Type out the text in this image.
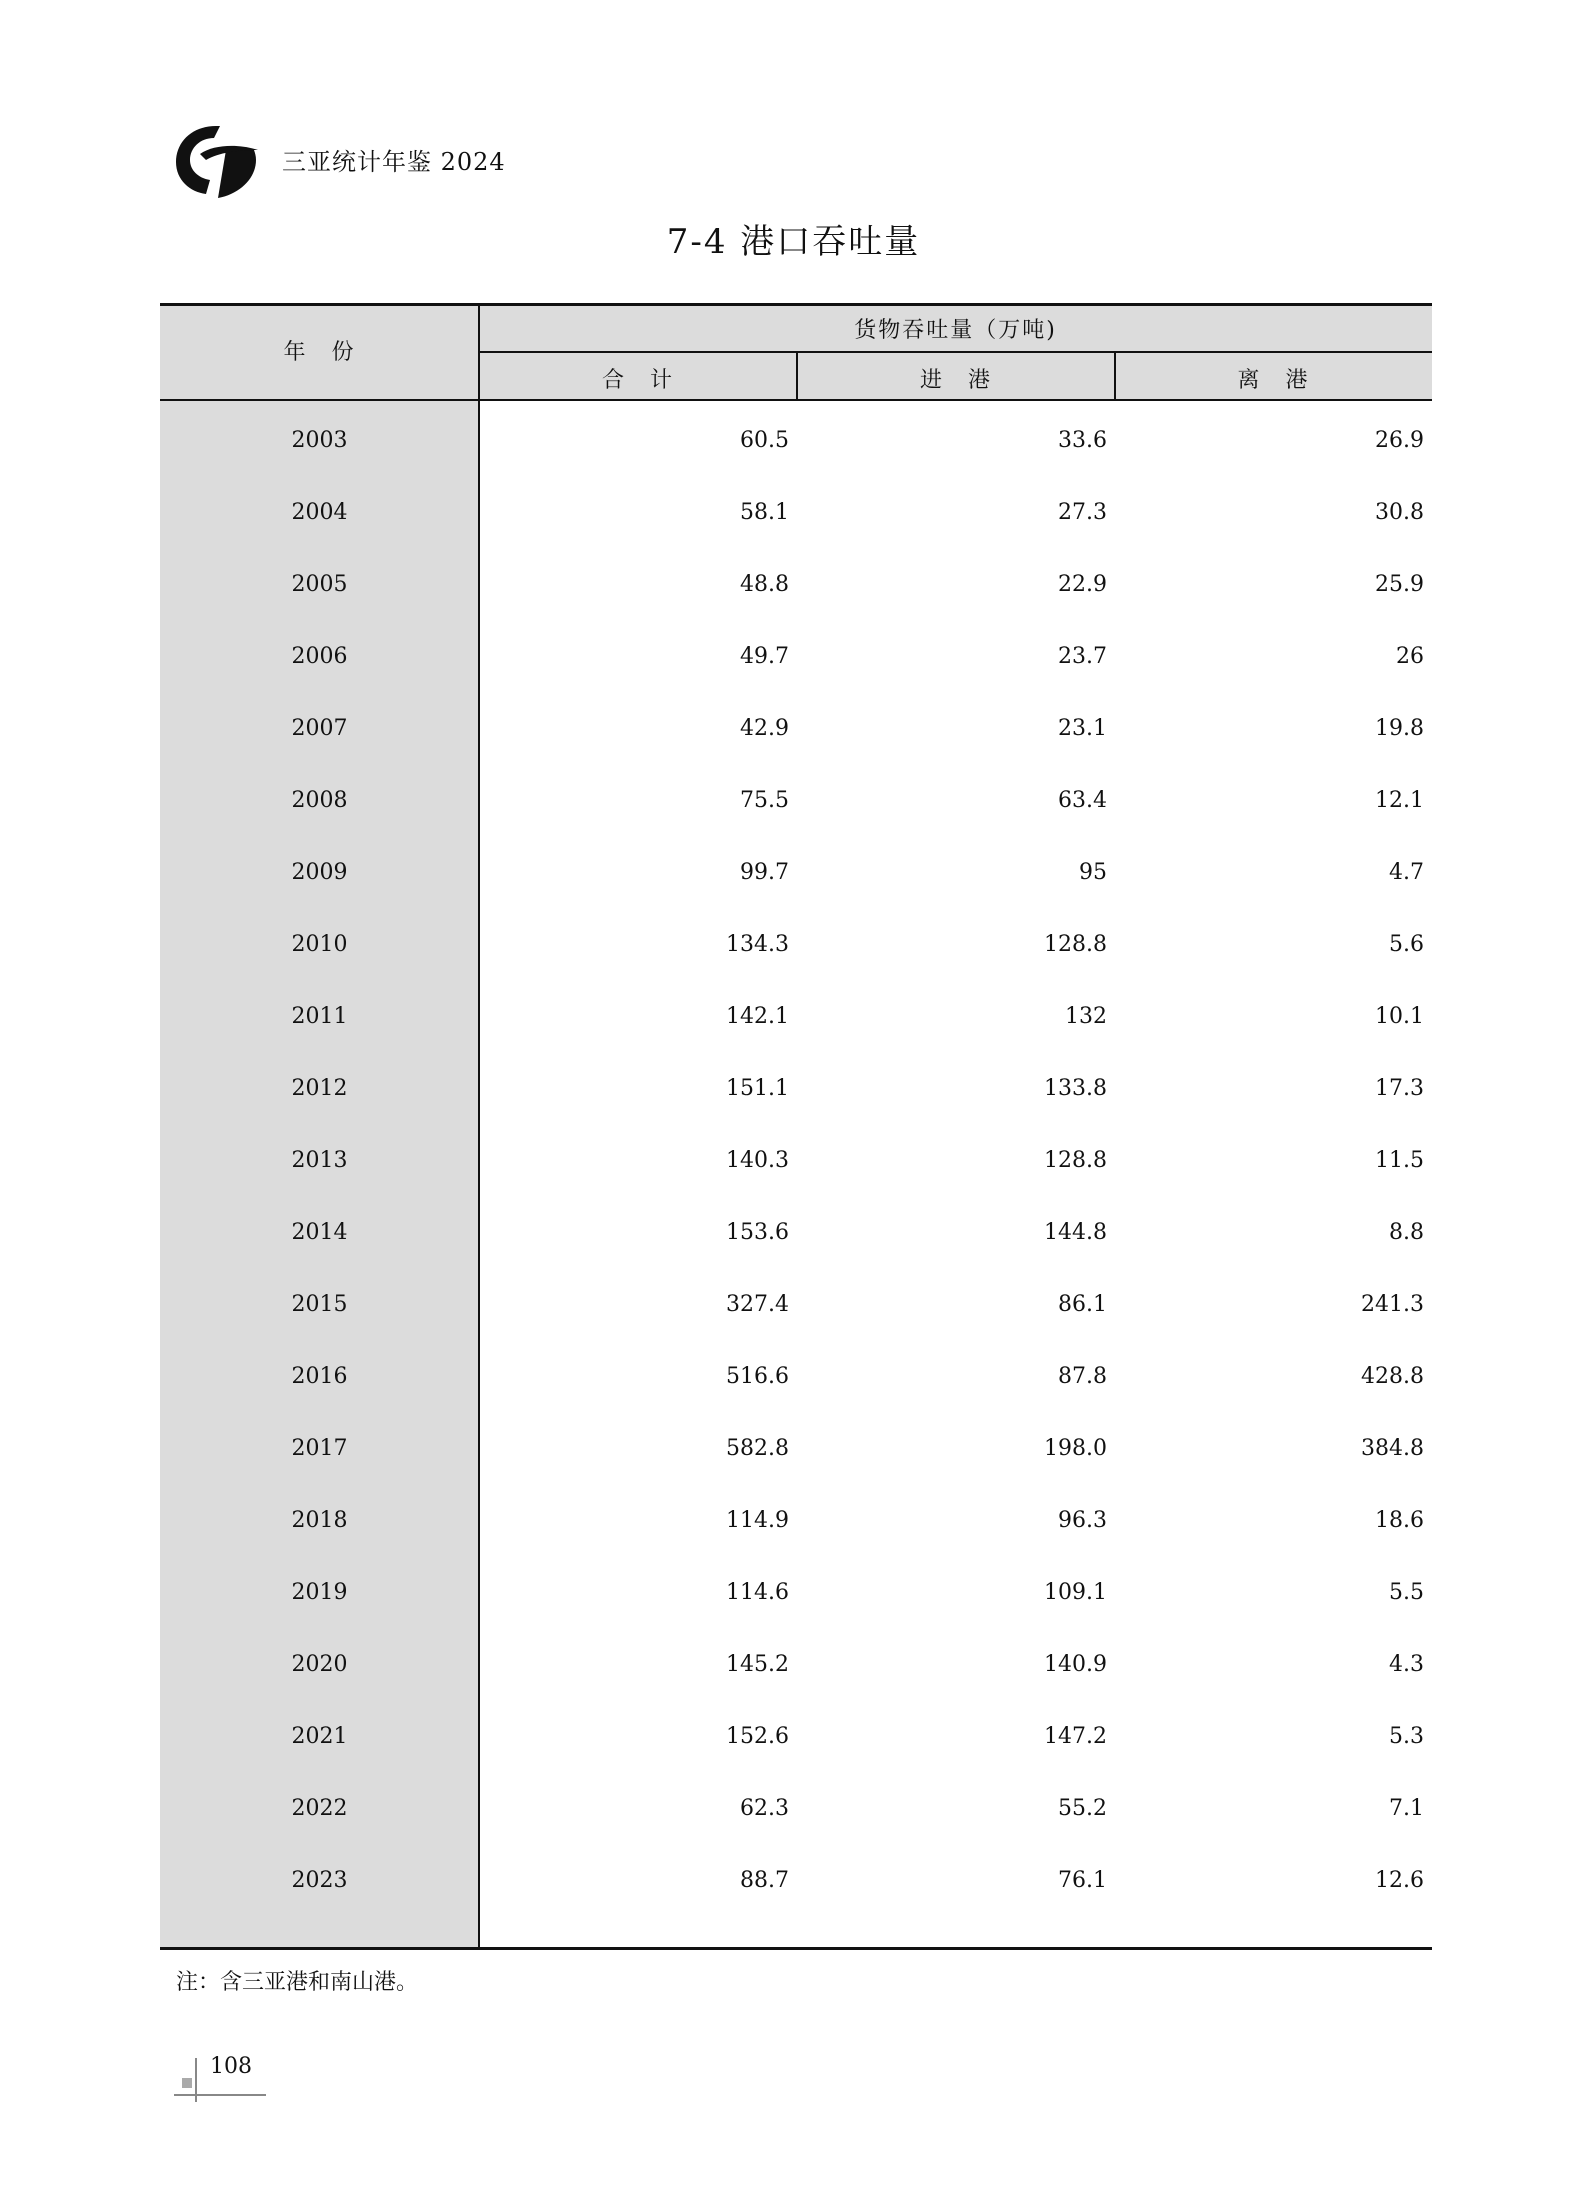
三亚统计年鉴 2024
7-4 港口吞吐量
年　份
货物吞吐量（万吨)
合　计	进　港	离　港
2003	60.5	33.6	26.9
2004	58.1	27.3	30.8
2005	48.8	22.9	25.9
2006	49.7	23.7	26
2007	42.9	23.1	19.8
2008	75.5	63.4	12.1
2009	99.7	95	4.7
2010	134.3	128.8	5.6
2011	142.1	132	10.1
2012	151.1	133.8	17.3
2013	140.3	128.8	11.5
2014	153.6	144.8	8.8
2015	327.4	86.1	241.3
2016	516.6	87.8	428.8
2017	582.8	198.0	384.8
2018	114.9	96.3	18.6
2019	114.6	109.1	5.5
2020	145.2	140.9	4.3
2021	152.6	147.2	5.3
2022	62.3	55.2	7.1
2023	88.7	76.1	12.6
注：含三亚港和南山港。
108
